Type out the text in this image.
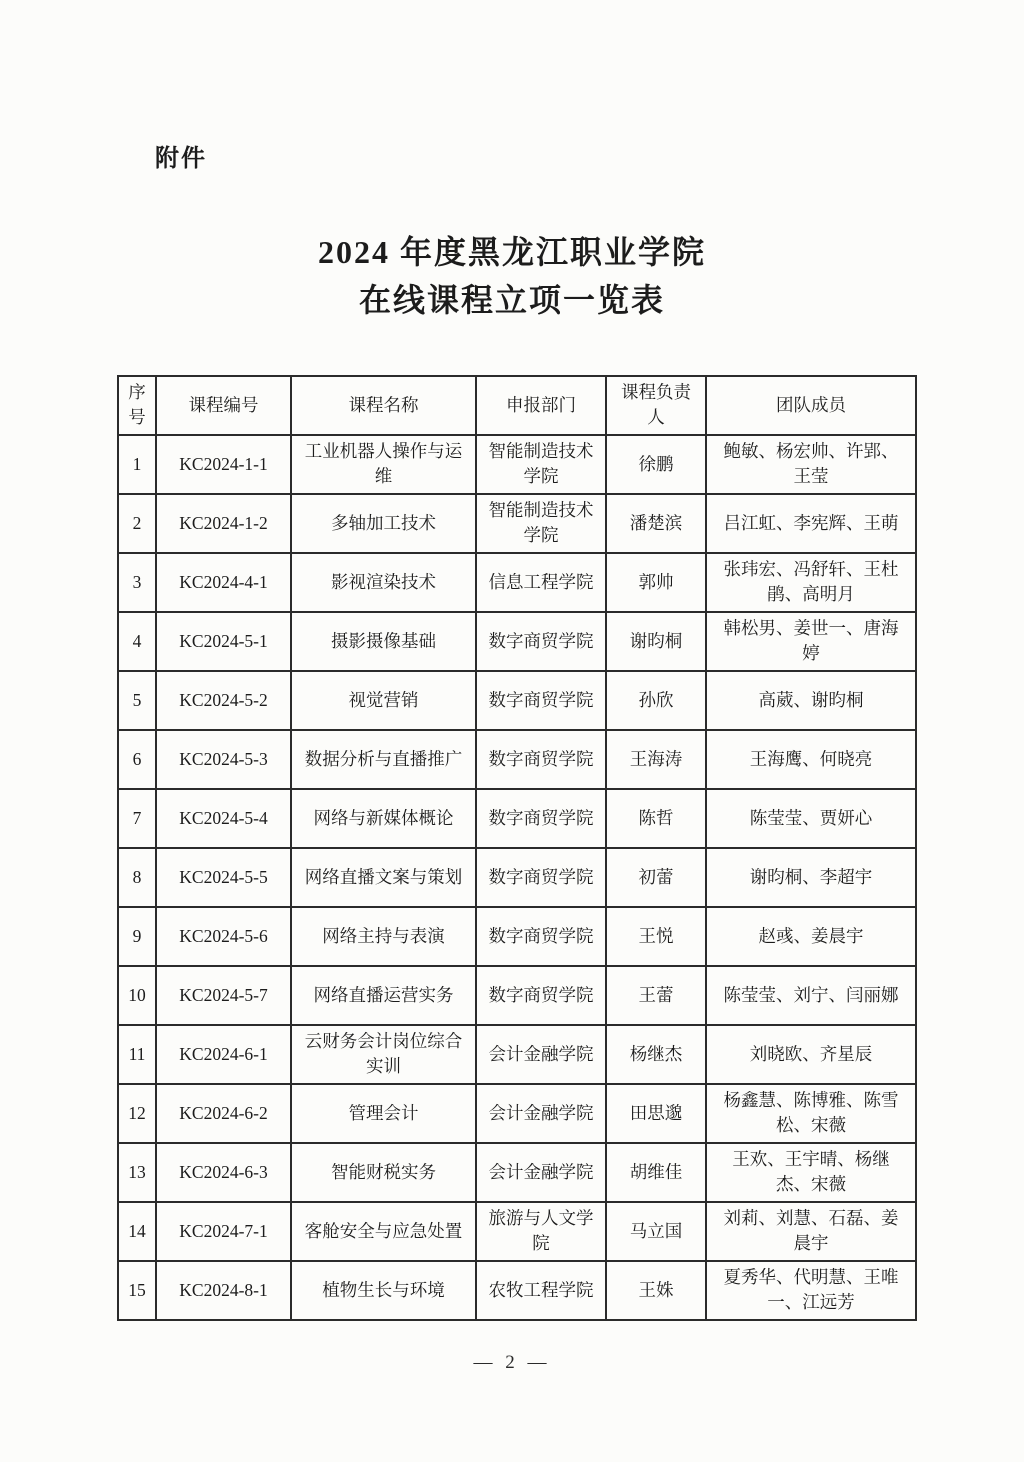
附件
2024 年度黑龙江职业学院
在线课程立项一览表
序号	课程编号	课程名称	申报部门	课程负责人	团队成员
1	KC2024-1-1	工业机器人操作与运维	智能制造技术学院	徐鹏	鲍敏、杨宏帅、许郢、王莹
2	KC2024-1-2	多轴加工技术	智能制造技术学院	潘楚滨	吕江虹、李宪辉、王萌
3	KC2024-4-1	影视渲染技术	信息工程学院	郭帅	张玮宏、冯舒轩、王杜鹃、高明月
4	KC2024-5-1	摄影摄像基础	数字商贸学院	谢昀桐	韩松男、姜世一、唐海婷
5	KC2024-5-2	视觉营销	数字商贸学院	孙欣	高葳、谢昀桐
6	KC2024-5-3	数据分析与直播推广	数字商贸学院	王海涛	王海鹰、何晓亮
7	KC2024-5-4	网络与新媒体概论	数字商贸学院	陈哲	陈莹莹、贾妍心
8	KC2024-5-5	网络直播文案与策划	数字商贸学院	初蕾	谢昀桐、李超宇
9	KC2024-5-6	网络主持与表演	数字商贸学院	王悦	赵彧、姜晨宇
10	KC2024-5-7	网络直播运营实务	数字商贸学院	王蕾	陈莹莹、刘宁、闫丽娜
11	KC2024-6-1	云财务会计岗位综合实训	会计金融学院	杨继杰	刘晓欧、齐星辰
12	KC2024-6-2	管理会计	会计金融学院	田思邈	杨鑫慧、陈博雅、陈雪松、宋薇
13	KC2024-6-3	智能财税实务	会计金融学院	胡维佳	王欢、王宇晴、杨继杰、宋薇
14	KC2024-7-1	客舱安全与应急处置	旅游与人文学院	马立国	刘莉、刘慧、石磊、姜晨宇
15	KC2024-8-1	植物生长与环境	农牧工程学院	王姝	夏秀华、代明慧、王唯一、江远芳
— 2 —
